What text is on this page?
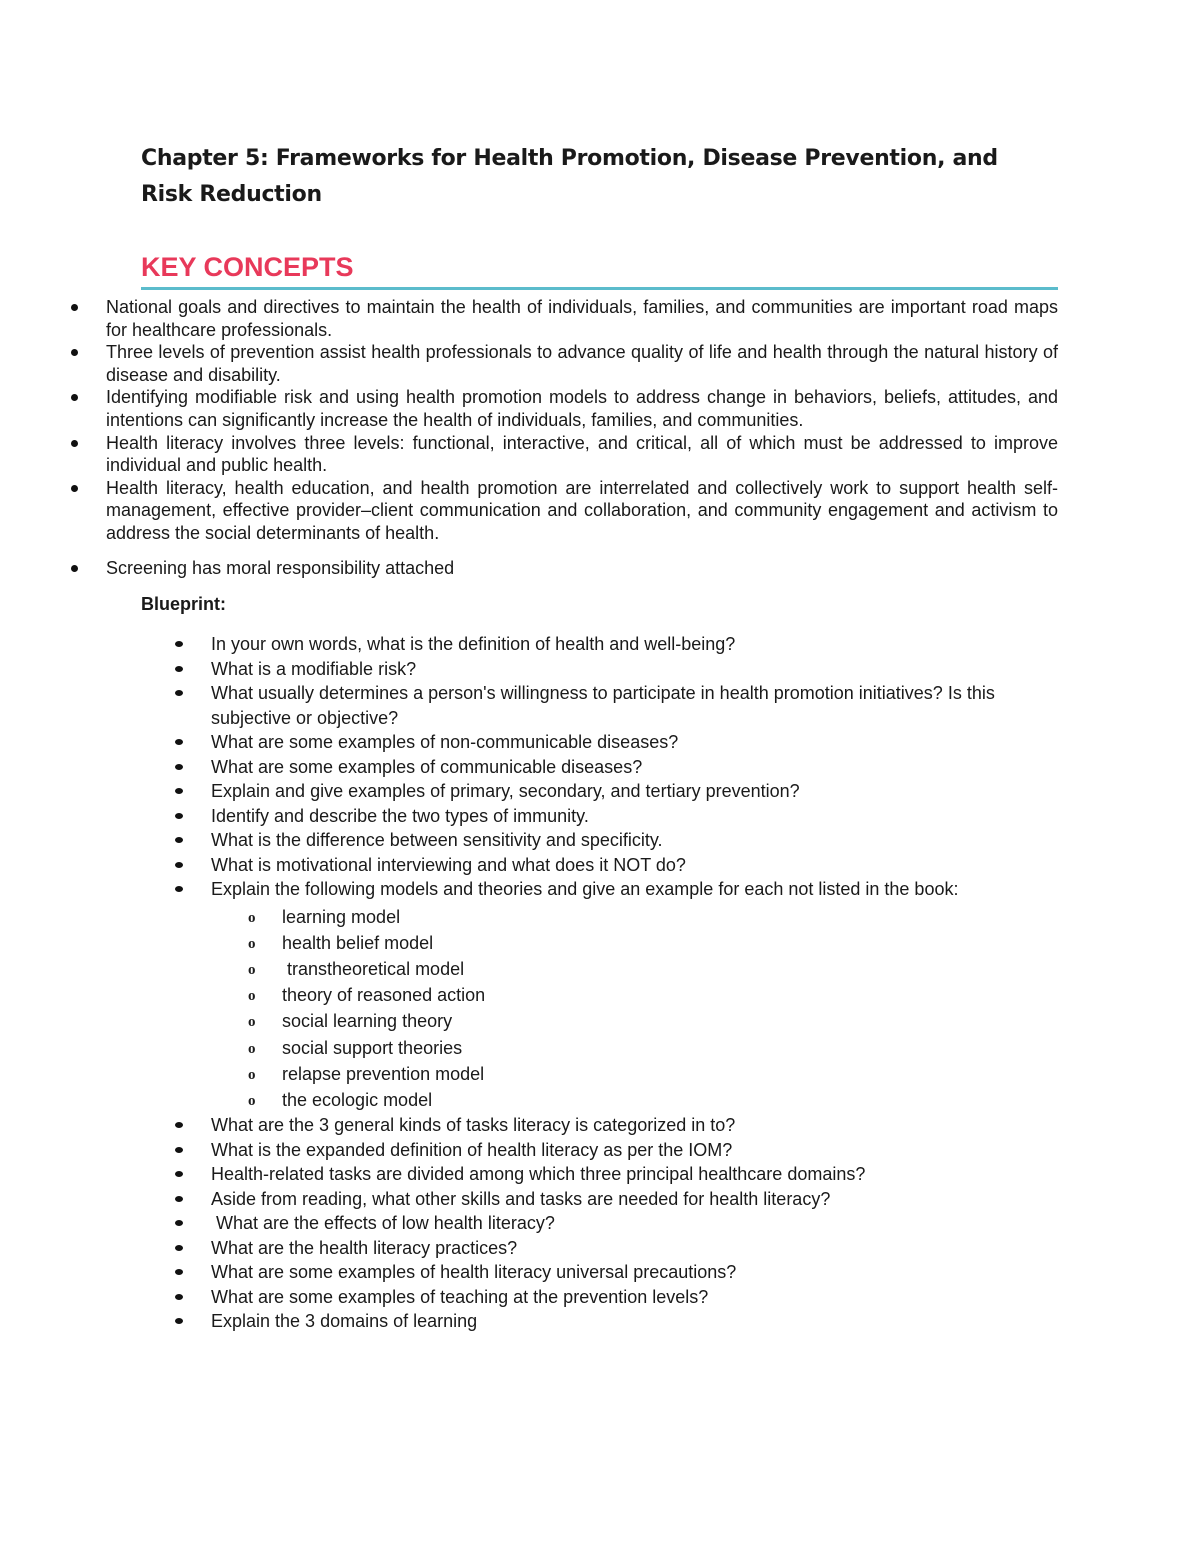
Chapter 5: Frameworks for Health Promotion, Disease Prevention, and Risk Reduction
KEY CONCEPTS
National goals and directives to maintain the health of individuals, families, and communities are important road maps for healthcare professionals.
Three levels of prevention assist health professionals to advance quality of life and health through the natural history of disease and disability.
Identifying modifiable risk and using health promotion models to address change in behaviors, beliefs, attitudes, and intentions can significantly increase the health of individuals, families, and communities.
Health literacy involves three levels: functional, interactive, and critical, all of which must be addressed to improve individual and public health.
Health literacy, health education, and health promotion are interrelated and collectively work to support health self-management, effective provider–client communication and collaboration, and community engagement and activism to address the social determinants of health.
Screening has moral responsibility attached
Blueprint:
In your own words, what is the definition of health and well-being?
What is a modifiable risk?
What usually determines a person's willingness to participate in health promotion initiatives? Is this subjective or objective?
What are some examples of non-communicable diseases?
What are some examples of communicable diseases?
Explain and give examples of primary, secondary, and tertiary prevention?
Identify and describe the two types of immunity.
What is the difference between sensitivity and specificity.
What is motivational interviewing and what does it NOT do?
Explain the following models and theories and give an example for each not listed in the book:
o learning model
o health belief model
o transtheoretical model
o theory of reasoned action
o social learning theory
o social support theories
o relapse prevention model
o the ecologic model
What are the 3 general kinds of tasks literacy is categorized in to?
What is the expanded definition of health literacy as per the IOM?
Health-related tasks are divided among which three principal healthcare domains?
Aside from reading, what other skills and tasks are needed for health literacy?
What are the effects of low health literacy?
What are the health literacy practices?
What are some examples of health literacy universal precautions?
What are some examples of teaching at the prevention levels?
Explain the 3 domains of learning
